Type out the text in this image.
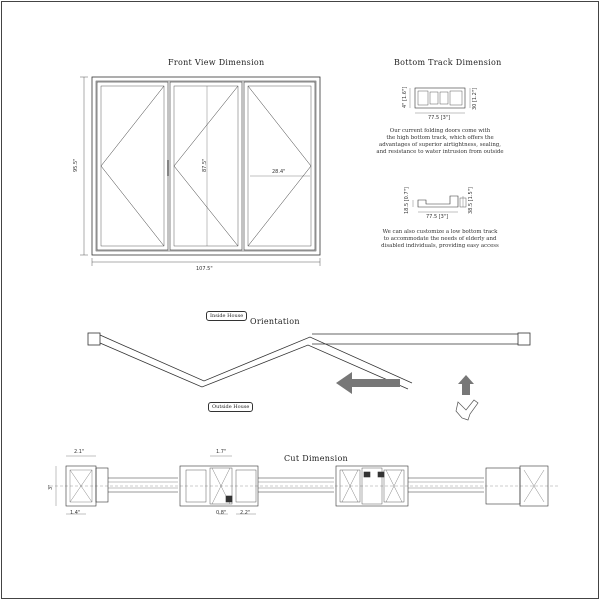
Front View Dimension
107.5"
95.5"	87.5"	28.4"
Bottom Track Dimension
4" [1.6"]	30 [1.2"]
77.5 [3"]
Our current folding doors come with
the high bottom track, which offers the
advantages of superior airtightness, sealing,
and resistance to water intrusion from outside
18.5 [0.7"]	38.5 [1.5"]
77.5 [3"]
We can also customize a low bottom track
to accommodate the needs of elderly and
disabled individuals, providing easy access
Orientation
Inside House
Outside House
Cut Dimension
2.1"
3"
1.4"
1.7"
0.8"	2.2"
